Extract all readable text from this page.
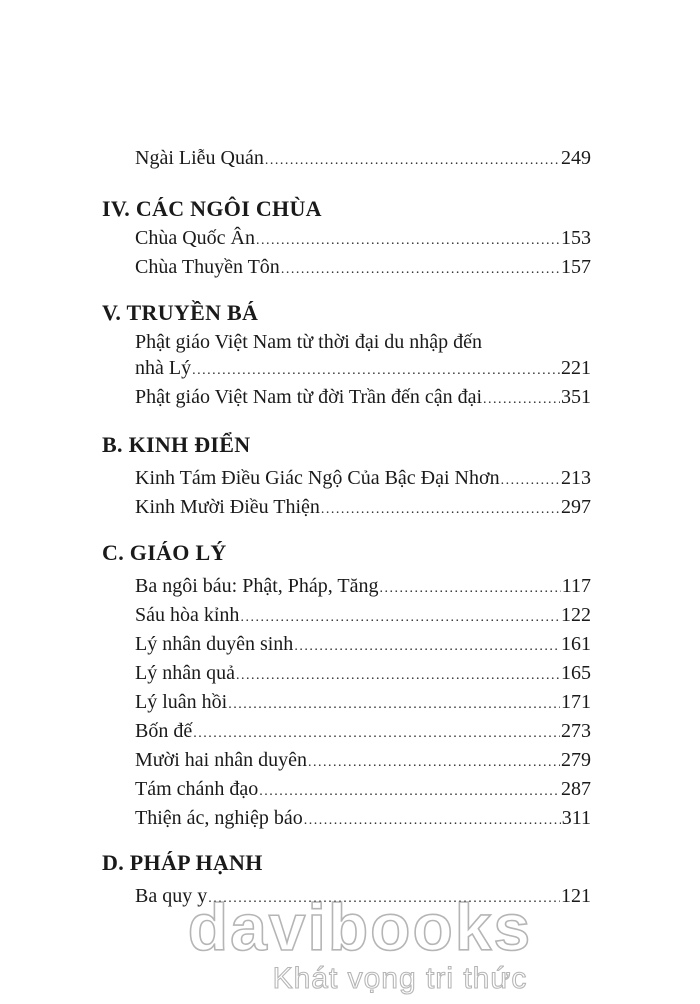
Ngài Liễu Quán .....	249
IV. CÁC NGÔI CHÙA
Chùa Quốc Ân .....	153
Chùa Thuyền Tôn .....	157
V. TRUYỀN BÁ
Phật giáo Việt Nam từ thời đại du nhập đến
nhà Lý .....	221
Phật giáo Việt Nam từ đời Trần đến cận đại .....	351
B. KINH ĐIỂN
Kinh Tám Điều Giác Ngộ Của Bậc Đại Nhơn .....	213
Kinh Mười Điều Thiện .....	297
C. GIÁO LÝ
Ba ngôi báu: Phật, Pháp, Tăng .....	117
Sáu hòa kỉnh .....	122
Lý nhân duyên sinh .....	161
Lý nhân quả .....	165
Lý luân hồi .....	171
Bốn đế .....	273
Mười hai nhân duyên .....	279
Tám chánh đạo .....	287
Thiện ác, nghiệp báo .....	311
D. PHÁP HẠNH
Ba quy y .....	121
davibooks
Khát vọng tri thức
